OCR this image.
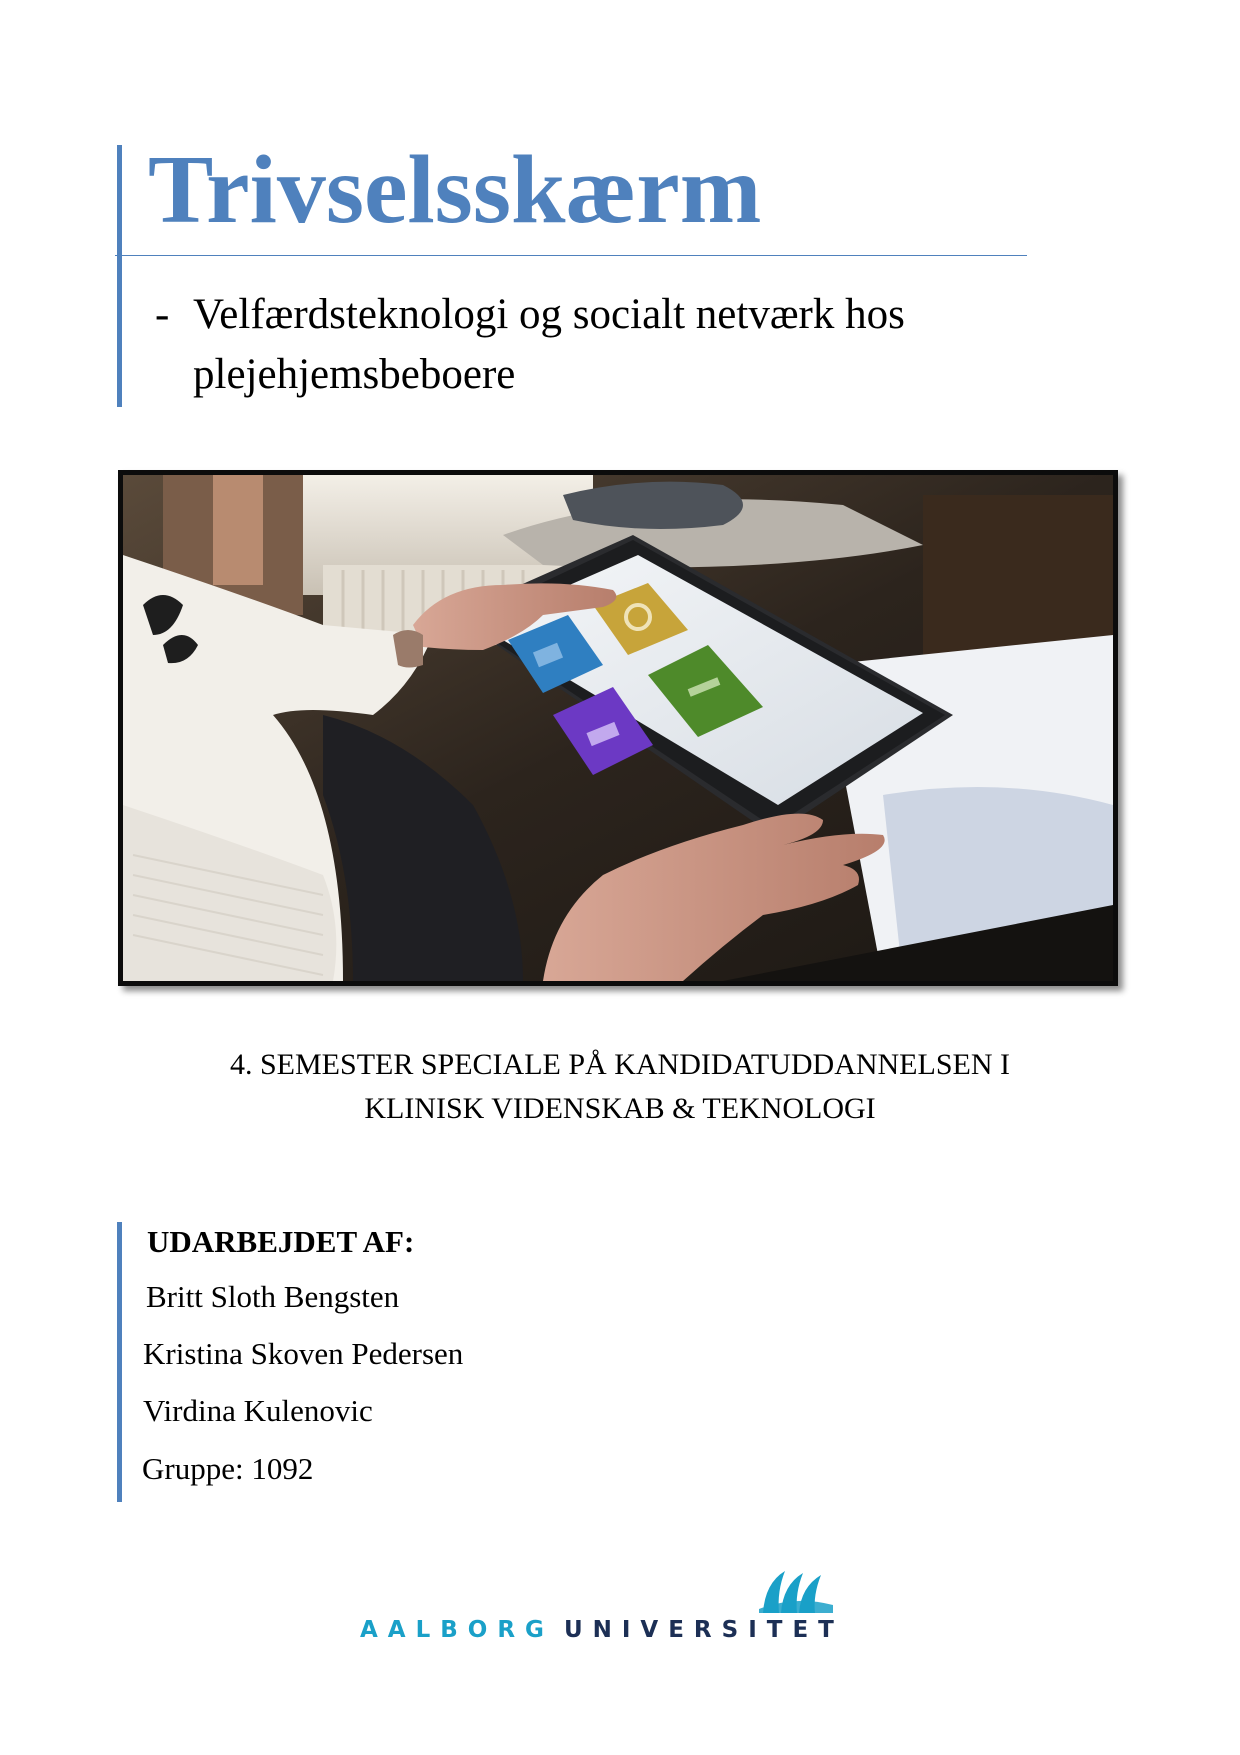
Trivselsskærm

- Velfærdsteknologi og socialt netværk hos plejehjemsbeboere

4. SEMESTER SPECIALE PÅ KANDIDATUDDANNELSEN I
KLINISK VIDENSKAB & TEKNOLOGI

UDARBEJDET AF:

Britt Sloth Bengsten

Kristina Skoven Pedersen

Virdina Kulenovic

Gruppe: 1092

AALBORG UNIVERSITET
